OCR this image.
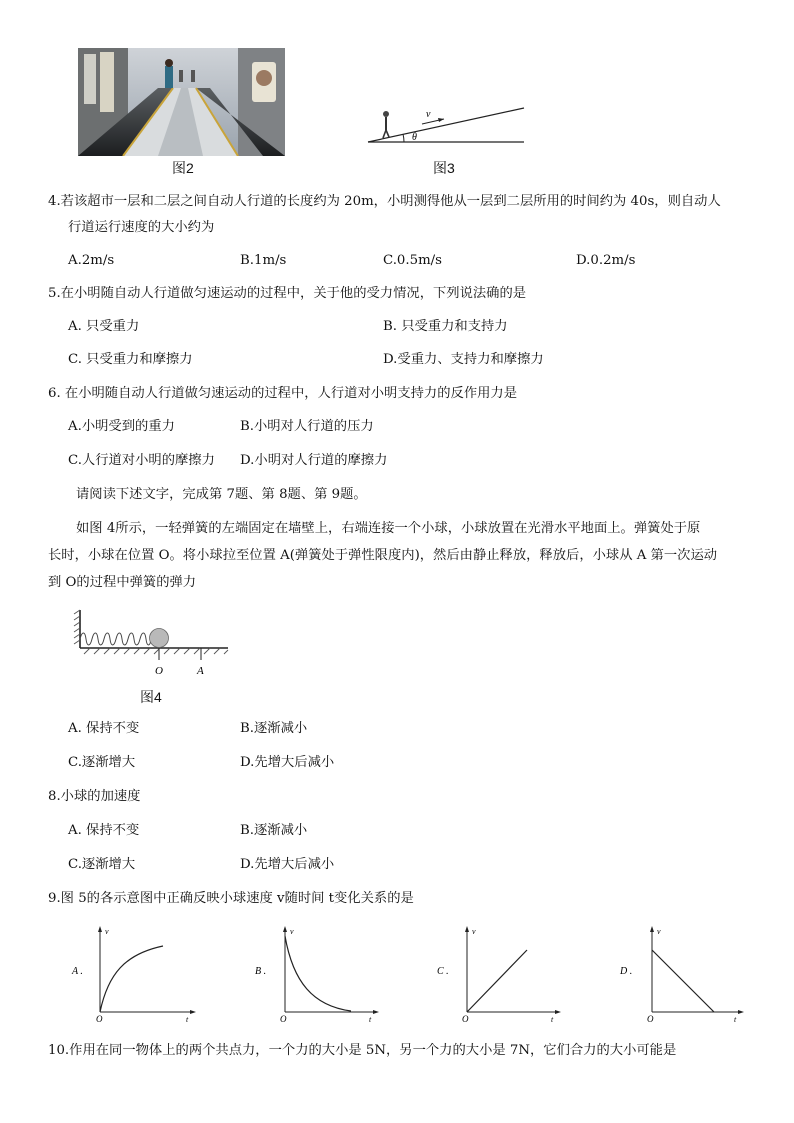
图2
v
θ
图3
4.若该超市一层和二层之间自动人行道的长度约为 20m，小明测得他从一层到二层所用的时间约为 40s，则自动人
行道运行速度的大小约为
A.2m/s	B.1m/s	C.0.5m/s	D.0.2m/s
5.在小明随自动人行道做匀速运动的过程中，关于他的受力情况，下列说法确的是
A. 只受重力	B. 只受重力和支持力
C. 只受重力和摩擦力	D.受重力、支持力和摩擦力
6. 在小明随自动人行道做匀速运动的过程中，人行道对小明支持力的反作用力是
A.小明受到的重力	B.小明对人行道的压力
C.人行道对小明的摩擦力 D.小明对人行道的摩擦力
请阅读下述文字，完成第 7题、第 8题、第 9题。
如图 4所示，一轻弹簧的左端固定在墙壁上，右端连接一个小球，小球放置在光滑水平地面上。弹簧处于原
长时，小球在位置 O。将小球拉至位置 A(弹簧处于弹性限度内)，然后由静止释放，释放后，小球从 A 第一次运动
到 O的过程中弹簧的弹力
O	A
图4
A. 保持不变	B.逐渐减小
C.逐渐增大	D.先增大后减小
8.小球的加速度
A. 保持不变	B.逐渐减小
C.逐渐增大	D.先增大后减小
9.图 5的各示意图中正确反映小球速度 v随时间 t变化关系的是
A .
v
t
O
B .
v
t
O
C .
v
t
O
D .
v
t
O
10.作用在同一物体上的两个共点力，一个力的大小是 5N，另一个力的大小是 7N，它们合力的大小可能是
